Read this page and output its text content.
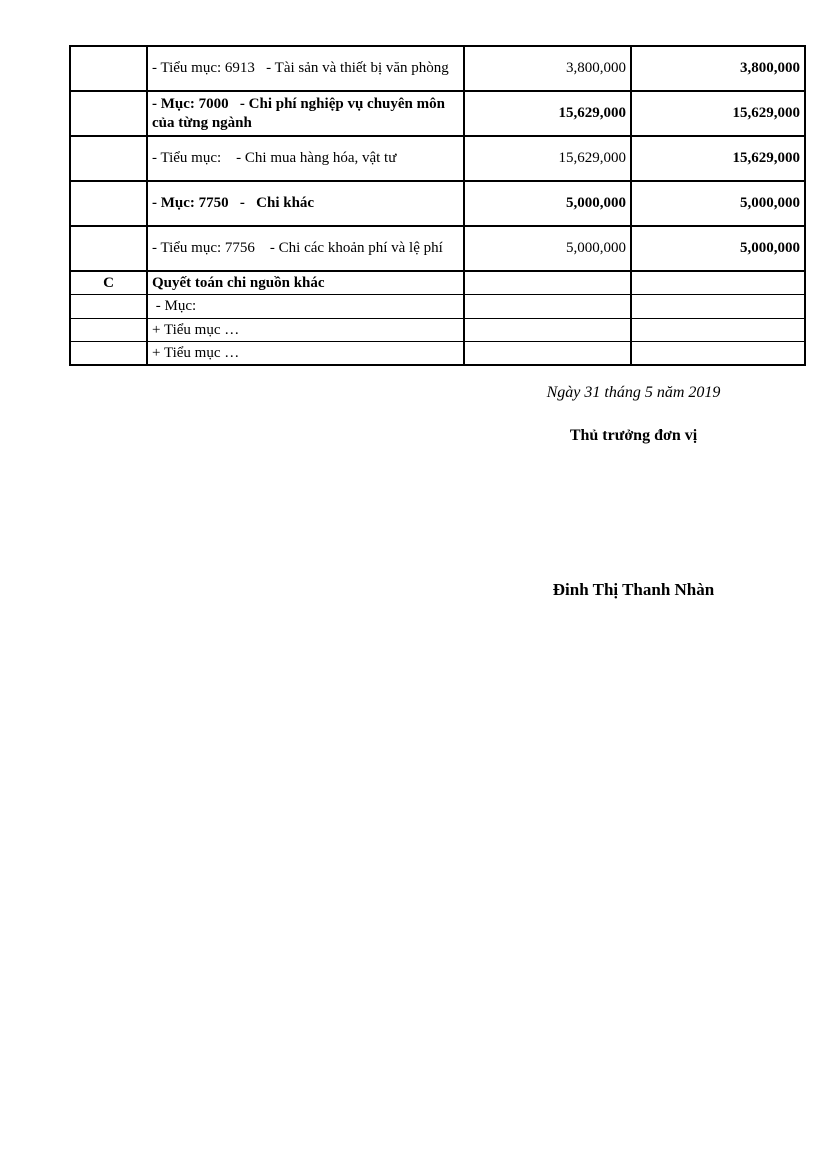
	- Tiểu mục: 6913   - Tài sản và thiết bị văn phòng	3,800,000	3,800,000
	- Mục: 7000   - Chi phí nghiệp vụ chuyên môn của từng ngành	15,629,000	15,629,000
	- Tiểu mục:    - Chi mua hàng hóa, vật tư	15,629,000	15,629,000
	- Mục: 7750   -   Chi khác	5,000,000	5,000,000
	- Tiểu mục: 7756    - Chi các khoản phí và lệ phí	5,000,000	5,000,000
C	Quyết toán chi nguồn khác		
	- Mục:		
	+ Tiểu mục …		
	+ Tiểu mục …		
Ngày 31 tháng 5 năm 2019
Thủ trưởng đơn vị
Đinh Thị Thanh Nhàn
